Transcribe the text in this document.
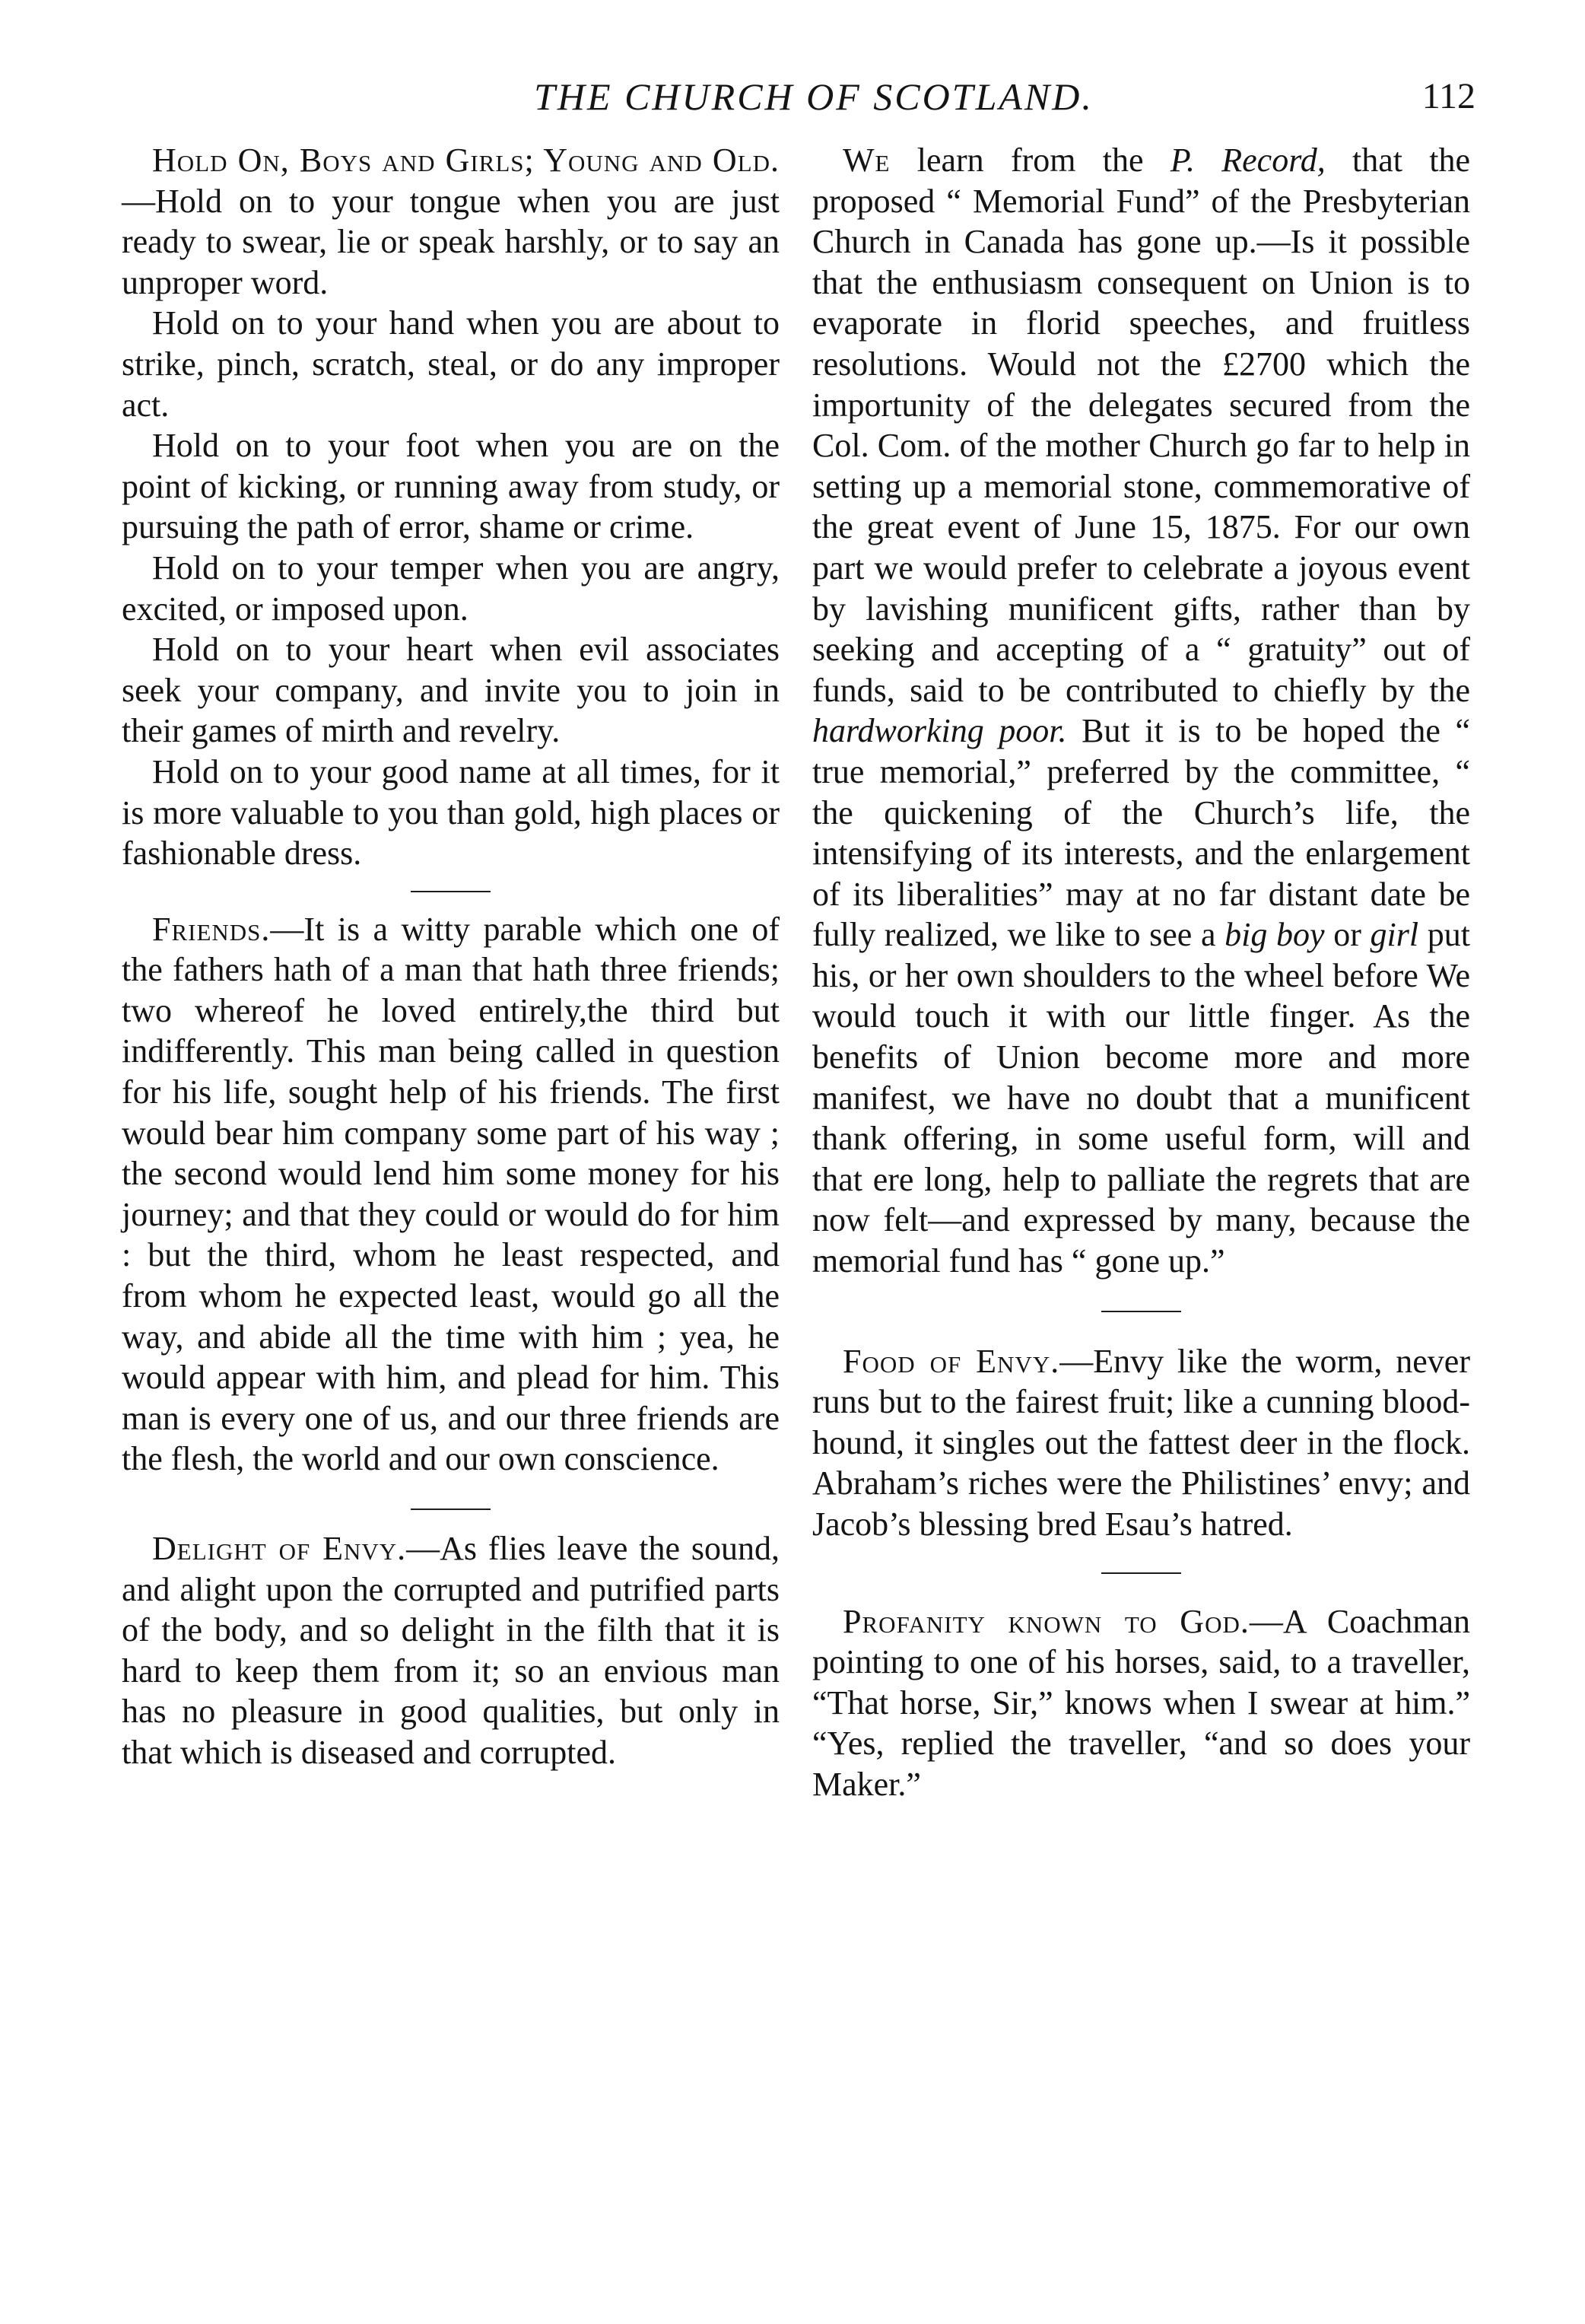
THE CHURCH OF SCOTLAND.	112

Hold On, Boys and Girls; Young and Old.—Hold on to your tongue when you are just ready to swear, lie or speak harshly, or to say an unproper word.

Hold on to your hand when you are about to strike, pinch, scratch, steal, or do any improper act.

Hold on to your foot when you are on the point of kicking, or running away from study, or pursuing the path of error, shame or crime.

Hold on to your temper when you are angry, excited, or imposed upon.

Hold on to your heart when evil associates seek your company, and invite you to join in their games of mirth and revelry.

Hold on to your good name at all times, for it is more valuable to you than gold, high places or fashionable dress.

Friends.—It is a witty parable which one of the fathers hath of a man that hath three friends; two whereof he loved entirely,the third but indifferently. This man being called in question for his life, sought help of his friends. The first would bear him company some part of his way ; the second would lend him some money for his journey; and that they could or would do for him : but the third, whom he least respected, and from whom he expected least, would go all the way, and abide all the time with him ; yea, he would appear with him, and plead for him. This man is every one of us, and our three friends are the flesh, the world and our own conscience.

Delight of Envy.—As flies leave the sound, and alight upon the corrupted and putrified parts of the body, and so delight in the filth that it is hard to keep them from it; so an envious man has no pleasure in good qualities, but only in that which is diseased and corrupted.

We learn from the P. Record, that the proposed “ Memorial Fund” of the Presbyterian Church in Canada has gone up.—Is it possible that the enthusiasm consequent on Union is to evaporate in florid speeches, and fruitless resolutions. Would not the £2700 which the importunity of the delegates secured from the Col. Com. of the mother Church go far to help in setting up a memorial stone, commemorative of the great event of June 15, 1875. For our own part we would prefer to celebrate a joyous event by lavishing munificent gifts, rather than by seeking and accepting of a “ gratuity” out of funds, said to be contributed to chiefly by the hardworking poor. But it is to be hoped the “ true memorial,” preferred by the committee, “ the quickening of the Church’s life, the intensifying of its interests, and the enlargement of its liberalities” may at no far distant date be fully realized, we like to see a big boy or girl put his, or her own shoulders to the wheel before We would touch it with our little finger. As the benefits of Union become more and more manifest, we have no doubt that a munificent thank offering, in some useful form, will and that ere long, help to palliate the regrets that are now felt—and expressed by many, because the memorial fund has “ gone up.”

Food of Envy.—Envy like the worm, never runs but to the fairest fruit; like a cunning blood-hound, it singles out the fattest deer in the flock. Abraham’s riches were the Philistines’ envy; and Jacob’s blessing bred Esau’s hatred.

Profanity known to God.—A Coachman pointing to one of his horses, said, to a traveller, “That horse, Sir,” knows when I swear at him.” “Yes, replied the traveller, “and so does your Maker.”
